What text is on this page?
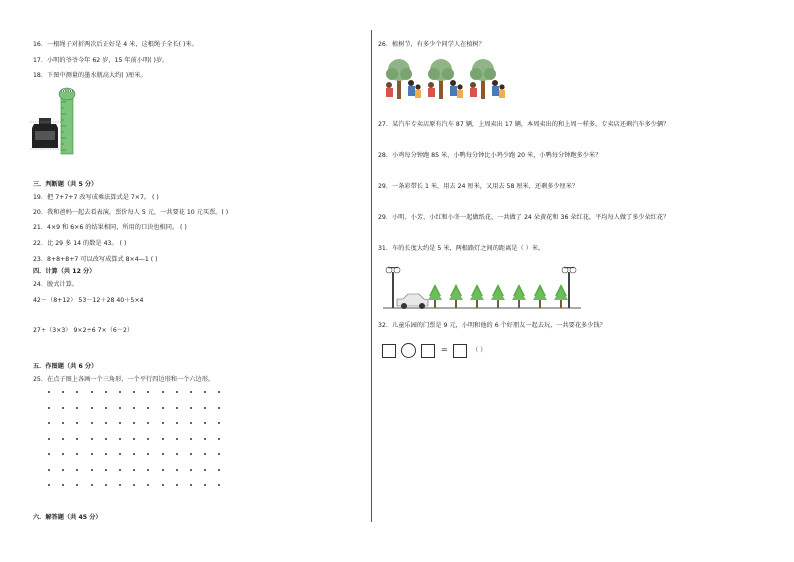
16．一根绳子对折两次后正好是 4 米，这根绳子全长( )米。
17．小明的爷爷今年 62 岁，15 年前小明( )岁。
18．下图中测量的墨水瓶高大约( )厘米。
三．判断题（共 5 分）
19．把 7+7+7 改写成乘法算式是 7×7。 ( )
20．我和爸妈一起去看表演，票价每人 5 元，一共要花 10 元买票。( )
21．4×9 和 6×6 的结果相同，所用的口诀也相同。 ( )
22．比 29 多 14 的数是 43。 ( )
23．8+8+8+7 可以改写成算式 8×4—1 ( )
四．计算（共 12 分）
24．脱式计算。
42－（8+12） 53－12＋28 40＋5×4
27÷（3×3） 9×2÷6 7×（6－2）
五．作图题（共 6 分）
25．在点子图上各画一个三角形、一个平行四边形和一个六边形。
六．解答题（共 45 分）
26．植树节，有多少个同学人在植树？
27．某汽车专卖店原有汽车 87 辆，上周卖出 17 辆，本周卖出的和上周一样多。专卖店还剩汽车多少辆？
28．小鸡每分钟跑 85 米，小鸭每分钟比小鸡少跑 20 米，小鸭每分钟跑多少米？
29．一条彩带长 1 米，用去 24 厘米，又用去 58 厘米，还剩多少厘米？
29．小明、小芳、小红和小冬一起做纸花，一共做了 24 朵黄花和 36 朵红花，平均每人做了多少朵红花？
31．车的长度大约是 5 米，两根路灯之间的距离是（ ）米。
32．儿童乐园的门票是 9 元，小明和他的 6 个好朋友一起去玩，一共要花多少钱？
=	（ ）
